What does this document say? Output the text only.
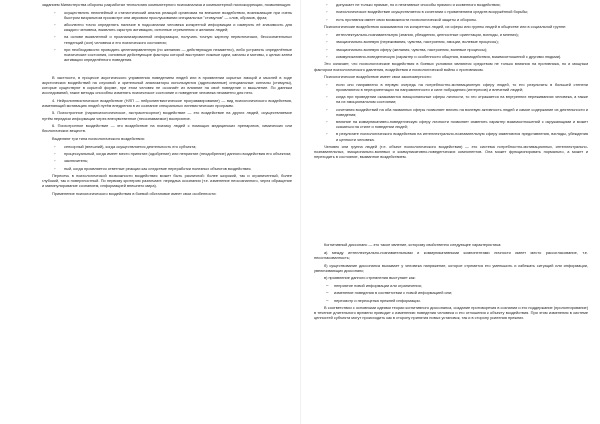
заданием Министерства обороны разработал технологию компьютерного психоанализа и компьютерной психокоррекции, позволяющую:

◦ осуществлять нелинейный и статистический анализ реакций организма на внешние воздействия, возникающие при очень быстром визуальном просмотре или звуковом прослушивании специальных "стимулов" — слов, образов, фраз;
◦ абсолютно точно определять наличие в подсознании человека конкретной информации и измерять её значимость для каждого человека, выявлять скрытую активацию, истинные стремления и желания людей;
◦ на основе выявленной и проанализированной информации, получать точную картину нервотических, бессознательных тенденций (сил) человека и его психического состояния;
◦ при необходимости проводить целенаправленную (по желанию — действующую незаметно), либо устранять определённые психические состояния, основные действующие факторы которой выступают ложные идеи, каналы и мотивы, с целью затем активации определённого поведения.

В частности, в процессе акустического управления поведением людей или в проявлении скрытых эмоций и мыслей в ходе акустических воздействий на слуховой и зрительный анализаторы используются (адресованные) специальные сигналы (стимулы), которые существуют в скрытой форме, при этом человек не осознаёт их влияние на своё поведение и мышление. По данным исследований, такие методы способны изменять психическое состояние и поведение человека незаметно для него.

4. Нейролингвистическое воздействие (НЛП — нейролингвистическое программирование) — вид психологического воздействия, изменяющий мотивацию людей путём внедрения в их сознание специальных лингвистических программ.

5. Психотронное (парапсихологическое, экстрасенсорное) воздействие — это воздействие на других людей, осуществляемое путём передачи информации через внечувственное (несознаваемое) восприятие.

6. Психотропное воздействие — это воздействие на психику людей с помощью медицинских препаратов, химических или биологических веществ.

Выделяют три типа психологического воздействия:

◦ сенсорный (внешний), когда осуществляется деятельность его субъекта;
◦ процессуальный, когда имеет место принятие (одобрение) или неприятие (неодобрение) данного воздействия его объектом;
◦ заключитель;
◦ ный, когда проявляется ответные реакции как следствие переработки полезных объектов воздействия.

Пересечь в психологической возможности воздействия может быть различной: более широкий, так и ограниченный, более глубокий, так и поверхностный. По первому критерию различают: передача осознания (т.е. изменение неосознанного, через обращение и манипулирование сознанием, информацией внешнего мира).

Применение психологического воздействия в боевой обстановке имеет свои особенности:

◦ допускает не только прямые, но и негативные способы прямого и косвенного воздействия;
◦ психологическое воздействие осуществляется в сочетании с применением средств вооружённой борьбы;
◦ есть противник имеет свои возможности психологической защиты и обороны.

Психологические воздействия оказываются на конкретных людей, их сферы или группы людей в обществе или в социальной группе:

◦ интеллектуально-познавательную (знания, убеждения, ценностные ориентации, взгляды, и мнения);
◦ эмоционально-волевую (переживания, чувства, настроения, эмоции, волевые процессы);
◦ эмоционально-волевую сферу (желания, чувства, настроения, волевые процессы);
◦ коммуникативно-поведенческую (характер и особенности общения, взаимодействия, взаимоотношений с другими людьми).

Это означает, что психологические воздействия в боевых условиях являются средством не только влияния на противника, но и мощным фактором психологического давления, воздействия и психологической войны с противником.

Психологическое воздействие имеет свои закономерности:

◦ если оно направлено в первую очередь на потребностно-мотивационную сферу людей, то его результаты в большей степени проявляются в переориентации на направленности и силе побуждения (интересов) и влечений людей;
◦ когда при проведении оказываются эмоциональные сферы личности, то это отражается на внутренних переживаниях человека, а также на их эмоциональном состоянии;
◦ сочетания воздействий на оба названных сферы позволяет влиять на волевую активность людей и самое содержание их деятельности и поведения;
◦ влияние на коммуникативно-поведенческую сферу личности позволяет изменять характер взаимоотношений с окружающими и может сказаться на стиле и поведении людей;
◦ в результате психологического воздействия на интеллектуально-познавательную сферу изменяются представления, взгляды, убеждения и ценности человека.

Человек или группа людей (т.е. объект психологического воздействия) — это система потребностно-мотивационных, интеллектуально-познавательных, эмоционально-волевых и коммуникативно-поведенческих компонентов. Она может функционировать нормально, а может и переходить в состояние, вызванное воздействием.

Когнитивный диссонанс — это такое явление, которому свойственно следующее характеристика:

а) между интеллектуально-познавательными и коммуникативными компонентами личности имеет место рассогласование, т.е. несогласованность;

б) существование диссонанса вызывает у человека напряжение, которое стремится его уменьшить и избежать ситуаций или информации, увеличивающих диссонанс;

в) проявление данного стремления выступает как:

– неприятие новой информации или ограничения;
– изменение поведения в соответствии с новой информацией или;
– пересмотр и переоценка прежней информации.

В соответствии с основными идеями теории когнитивного диссонанса, создание противоречия в сознании и его поддержание (пролонгирование) в течение длительного времени приводит к изменению поведения человека и его отношения к объекту воздействия. При этом изменения в системе ценностей субъекта могут происходить как в сторону принятия новых установок, так и в сторону усиления прежних.
